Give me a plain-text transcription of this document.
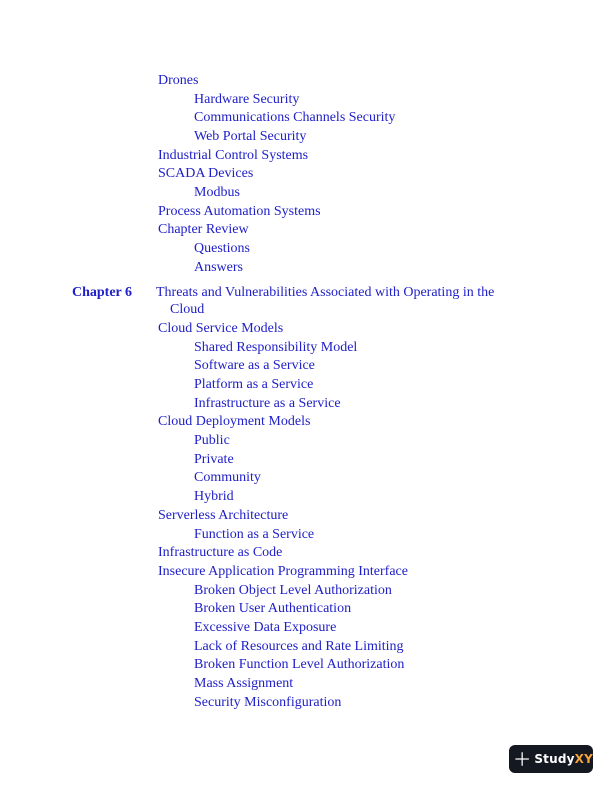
Drones
Hardware Security
Communications Channels Security
Web Portal Security
Industrial Control Systems
SCADA Devices
Modbus
Process Automation Systems
Chapter Review
Questions
Answers
Chapter 6 Threats and Vulnerabilities Associated with Operating in the
Cloud
Cloud Service Models
Shared Responsibility Model
Software as a Service
Platform as a Service
Infrastructure as a Service
Cloud Deployment Models
Public
Private
Community
Hybrid
Serverless Architecture
Function as a Service
Infrastructure as Code
Insecure Application Programming Interface
Broken Object Level Authorization
Broken User Authentication
Excessive Data Exposure
Lack of Resources and Rate Limiting
Broken Function Level Authorization
Mass Assignment
Security Misconfiguration
StudyXY
